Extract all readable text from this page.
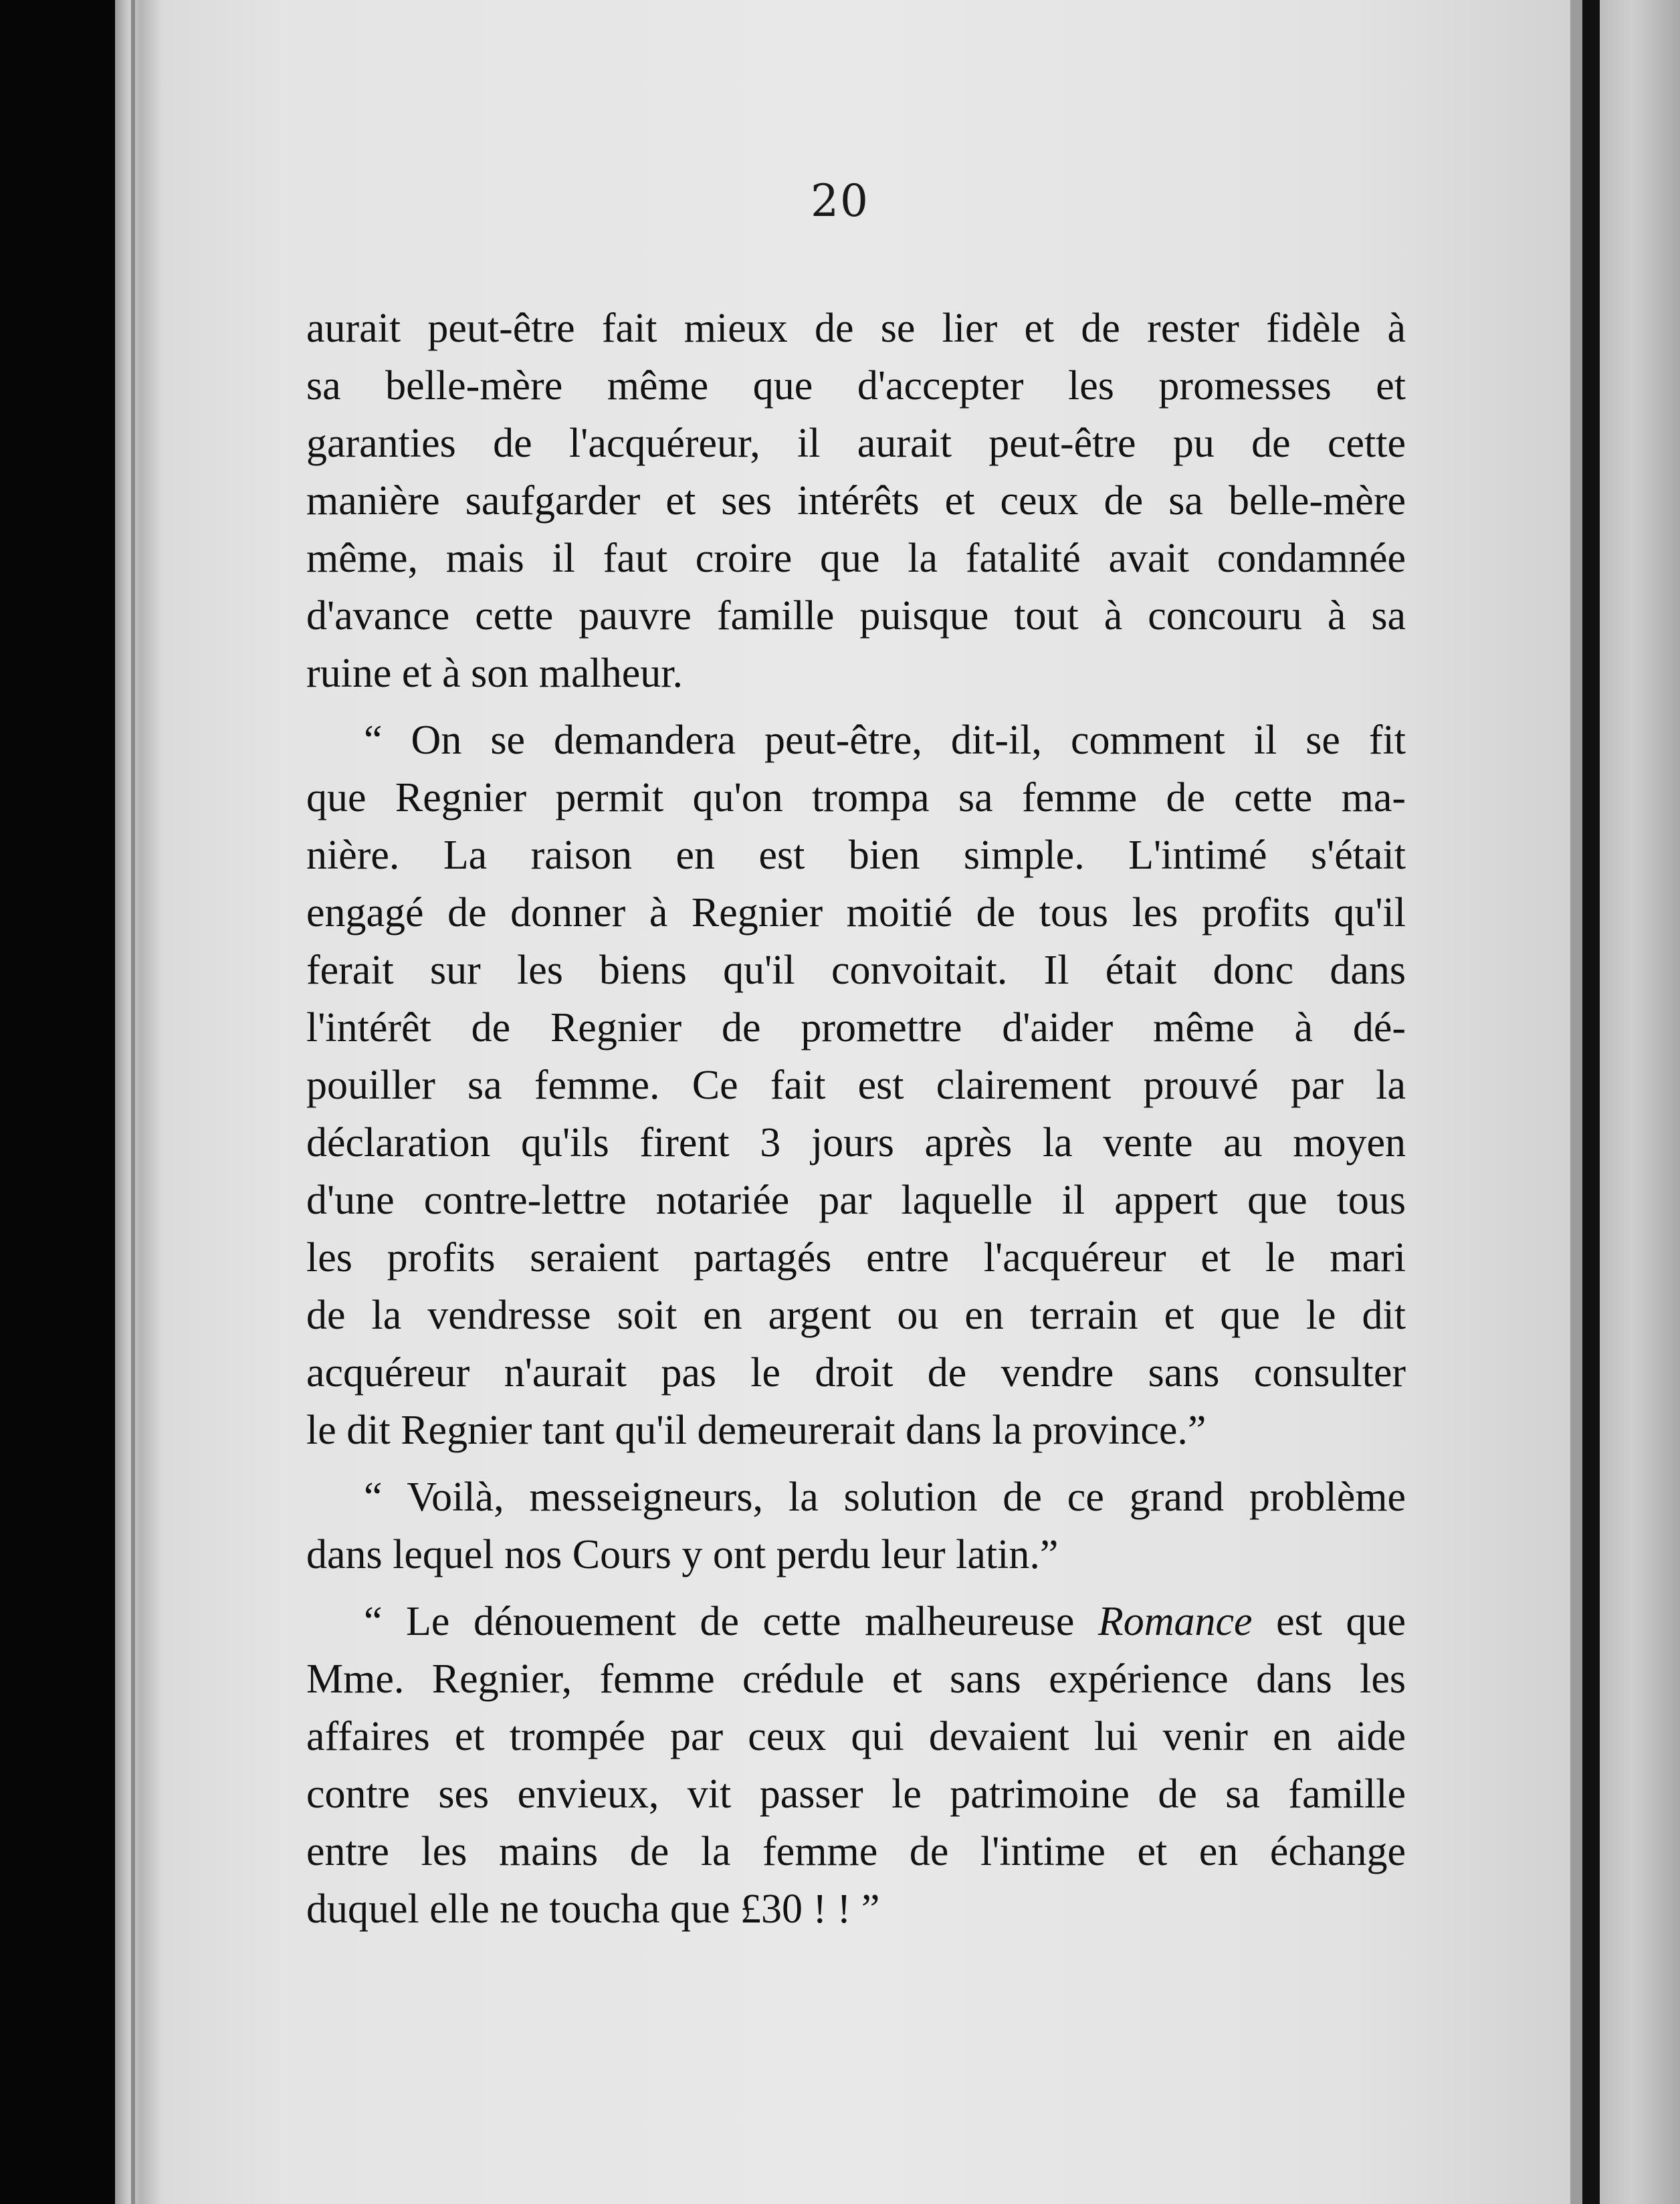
20
aurait peut-être fait mieux de se lier et de rester fidèle à
sa belle-mère même que d'accepter les promesses et
garanties de l'acquéreur, il aurait peut-être pu de cette
manière saufgarder et ses intérêts et ceux de sa belle-mère
même, mais il faut croire que la fatalité avait condamnée
d'avance cette pauvre famille puisque tout à concouru à sa
ruine et à son malheur.
“ On se demandera peut-être, dit-il, comment il se fit
que Regnier permit qu'on trompa sa femme de cette ma-
nière. La raison en est bien simple. L'intimé s'était
engagé de donner à Regnier moitié de tous les profits qu'il
ferait sur les biens qu'il convoitait. Il était donc dans
l'intérêt de Regnier de promettre d'aider même à dé-
pouiller sa femme. Ce fait est clairement prouvé par la
déclaration qu'ils firent 3 jours après la vente au moyen
d'une contre-lettre notariée par laquelle il appert que tous
les profits seraient partagés entre l'acquéreur et le mari
de la vendresse soit en argent ou en terrain et que le dit
acquéreur n'aurait pas le droit de vendre sans consulter
le dit Regnier tant qu'il demeurerait dans la province.”
“ Voilà, messeigneurs, la solution de ce grand problème
dans lequel nos Cours y ont perdu leur latin.”
“ Le dénouement de cette malheureuse Romance est que
Mme. Regnier, femme crédule et sans expérience dans les
affaires et trompée par ceux qui devaient lui venir en aide
contre ses envieux, vit passer le patrimoine de sa famille
entre les mains de la femme de l'intime et en échange
duquel elle ne toucha que £30 ! ! ”
